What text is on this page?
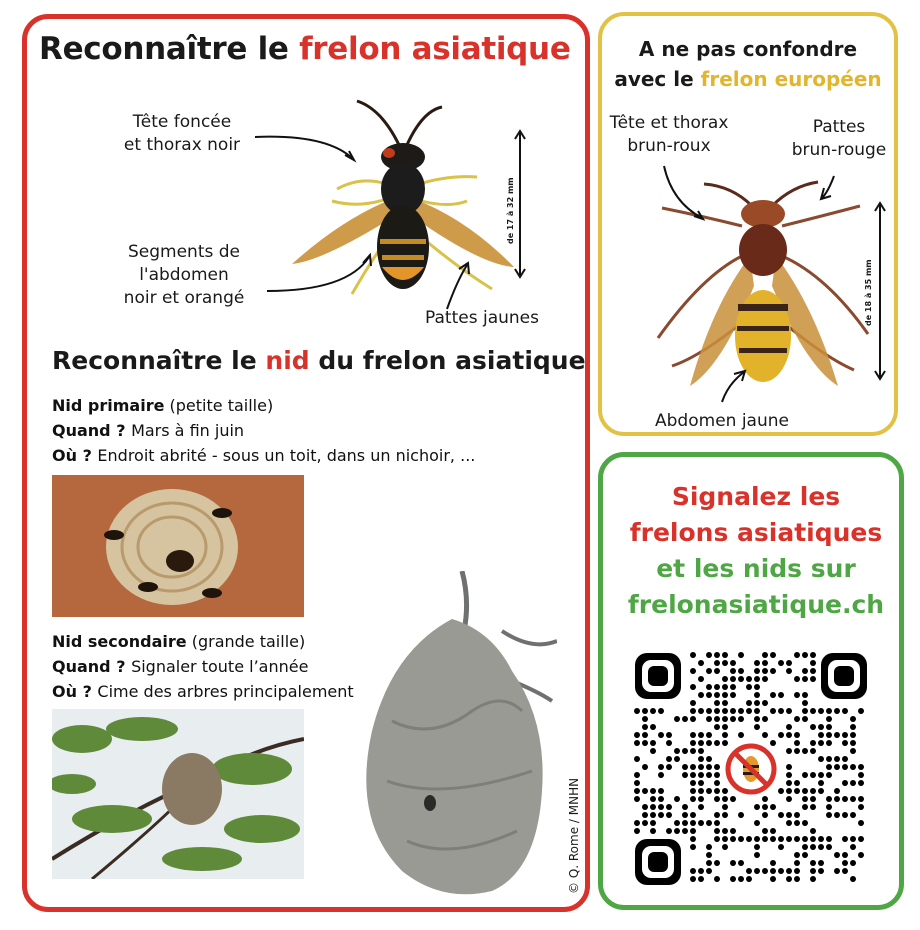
Reconnaître le frelon asiatique
de 17 à 32 mm
Tête foncée
et thorax noir
Segments de
l'abdomen
noir et orangé
Pattes jaunes
Reconnaître le nid du frelon asiatique
Nid primaire (petite taille)
Quand ? Mars à fin juin
Où ? Endroit abrité - sous un toit, dans un nichoir, ...
Nid secondaire (grande taille)
Quand ? Signaler toute l’année
Où ? Cime des arbres principalement
© Q. Rome / MNHN
A ne pas confondre
avec le frelon européen
Tête et thorax
brun-roux
Pattes
brun-rouge
de 18 à 35 mm
Abdomen jaune
Signalez les
frelons asiatiques
et les nids sur
frelonasiatique.ch
